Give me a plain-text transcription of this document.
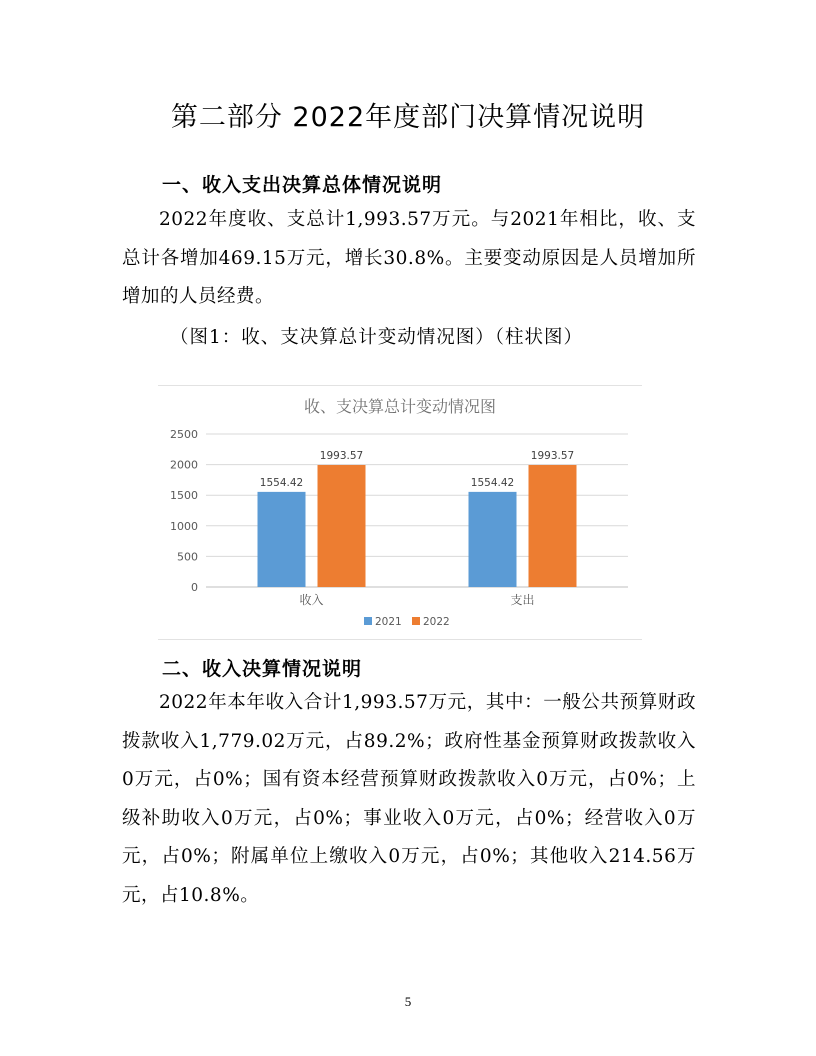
第二部分 2022年度部门决算情况说明
一、收入支出决算总体情况说明

2022年度收、支总计1,993.57万元。与2021年相比，收、支总计各增加469.15万元，增长30.8%。主要变动原因是人员增加所增加的人员经费。

（图1：收、支决算总计变动情况图）（柱状图）
收、支决算总计变动情况图
0
500
1000
1500
2000
2500
1554.42
1993.57
收入
1554.42
1993.57
支出
2021 2022
二、收入决算情况说明

2022年本年收入合计1,993.57万元，其中：一般公共预算财政拨款收入1,779.02万元，占89.2%；政府性基金预算财政拨款收入0万元，占0%；国有资本经营预算财政拨款收入0万元，占0%；上级补助收入0万元，占0%；事业收入0万元，占0%；经营收入0万元，占0%；附属单位上缴收入0万元，占0%；其他收入214.56万元，占10.8%。

5
